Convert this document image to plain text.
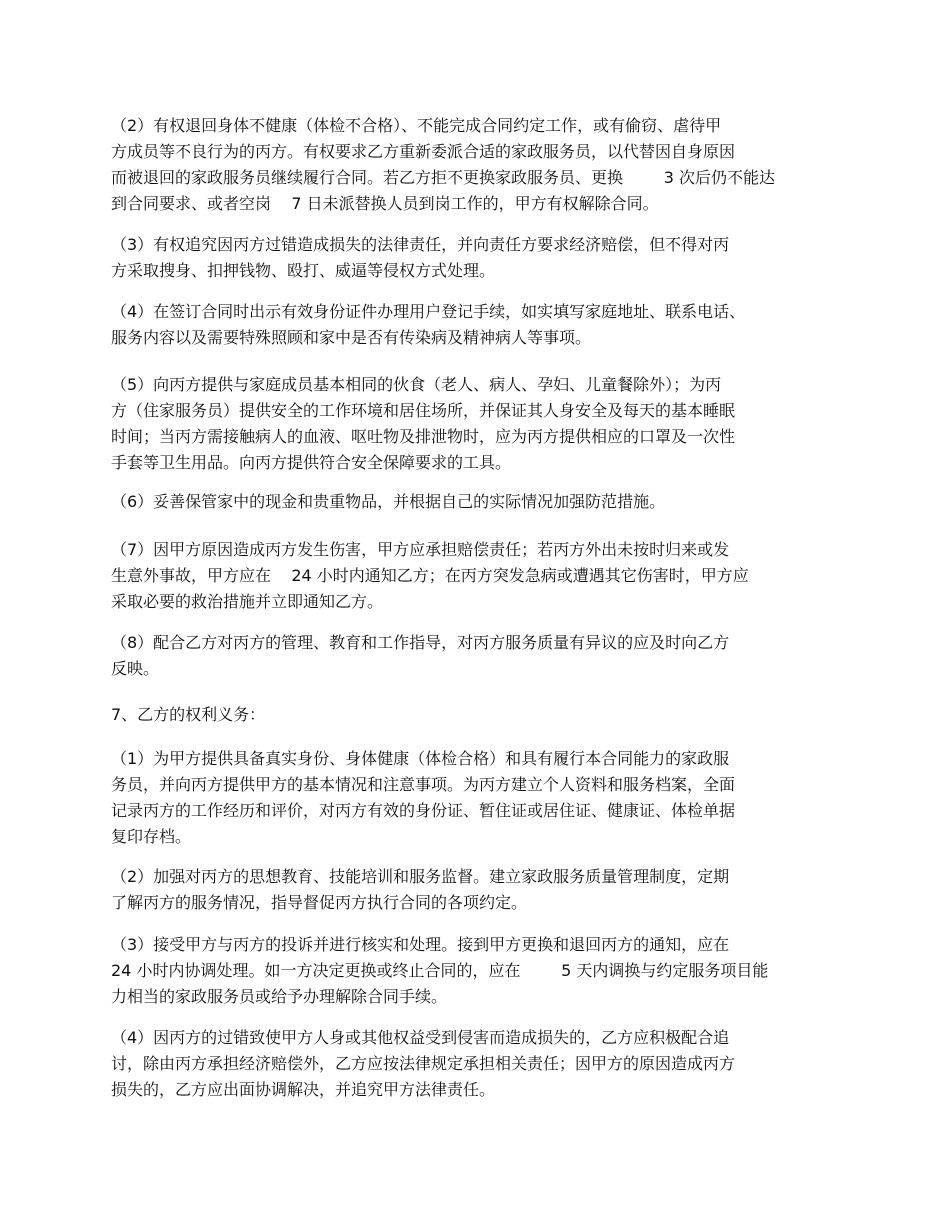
（2）有权退回身体不健康（体检不合格）、不能完成合同约定工作，或有偷窃、虐待甲
方成员等不良行为的丙方。有权要求乙方重新委派合适的家政服务员，以代替因自身原因
而被退回的家政服务员继续履行合同。若乙方拒不更换家政服务员、更换        3 次后仍不能达
到合同要求、或者空岗    7 日未派替换人员到岗工作的，甲方有权解除合同。
（3）有权追究因丙方过错造成损失的法律责任，并向责任方要求经济赔偿，但不得对丙
方采取搜身、扣押钱物、殴打、威逼等侵权方式处理。
（4）在签订合同时出示有效身份证件办理用户登记手续，如实填写家庭地址、联系电话、
服务内容以及需要特殊照顾和家中是否有传染病及精神病人等事项。
（5）向丙方提供与家庭成员基本相同的伙食（老人、病人、孕妇、儿童餐除外）；为丙
方（住家服务员）提供安全的工作环境和居住场所，并保证其人身安全及每天的基本睡眠
时间；当丙方需接触病人的血液、呕吐物及排泄物时，应为丙方提供相应的口罩及一次性
手套等卫生用品。向丙方提供符合安全保障要求的工具。
（6）妥善保管家中的现金和贵重物品，并根据自己的实际情况加强防范措施。
（7）因甲方原因造成丙方发生伤害，甲方应承担赔偿责任；若丙方外出未按时归来或发
生意外事故，甲方应在    24 小时内通知乙方；在丙方突发急病或遭遇其它伤害时，甲方应
采取必要的救治措施并立即通知乙方。
（8）配合乙方对丙方的管理、教育和工作指导，对丙方服务质量有异议的应及时向乙方
反映。
7、乙方的权利义务：
（1）为甲方提供具备真实身份、身体健康（体检合格）和具有履行本合同能力的家政服
务员，并向丙方提供甲方的基本情况和注意事项。为丙方建立个人资料和服务档案，全面
记录丙方的工作经历和评价，对丙方有效的身份证、暂住证或居住证、健康证、体检单据
复印存档。
（2）加强对丙方的思想教育、技能培训和服务监督。建立家政服务质量管理制度，定期
了解丙方的服务情况，指导督促丙方执行合同的各项约定。
（3）接受甲方与丙方的投诉并进行核实和处理。接到甲方更换和退回丙方的通知，应在
24 小时内协调处理。如一方决定更换或终止合同的，应在        5 天内调换与约定服务项目能
力相当的家政服务员或给予办理解除合同手续。
（4）因丙方的过错致使甲方人身或其他权益受到侵害而造成损失的，乙方应积极配合追
讨，除由丙方承担经济赔偿外，乙方应按法律规定承担相关责任；因甲方的原因造成丙方
损失的，乙方应出面协调解决，并追究甲方法律责任。
